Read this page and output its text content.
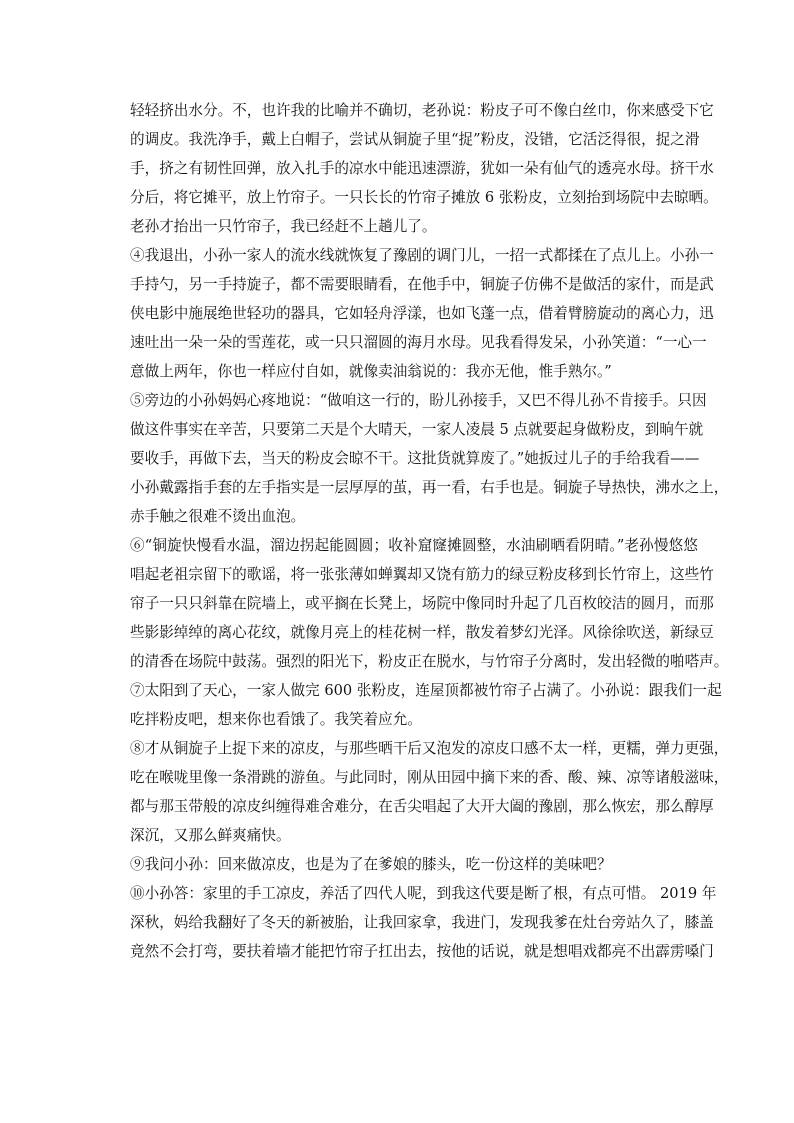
轻轻挤出水分。不，也许我的比喻并不确切，老孙说：粉皮子可不像白丝巾，你来感受下它
的调皮。我洗净手，戴上白帽子，尝试从铜旋子里“捉”粉皮，没错，它活泛得很，捉之滑
手，挤之有韧性回弹，放入扎手的凉水中能迅速漂游，犹如一朵有仙气的透亮水母。挤干水
分后，将它摊平，放上竹帘子。一只长长的竹帘子摊放 6 张粉皮，立刻抬到场院中去晾晒。
老孙才抬出一只竹帘子，我已经赶不上趟儿了。
④我退出，小孙一家人的流水线就恢复了豫剧的调门儿，一招一式都揉在了点儿上。小孙一
手持勺，另一手持旋子，都不需要眼睛看，在他手中，铜旋子仿佛不是做活的家什，而是武
侠电影中施展绝世轻功的器具，它如轻舟浮漾，也如飞蓬一点，借着臂膀旋动的离心力，迅
速吐出一朵一朵的雪莲花，或一只只溜圆的海月水母。见我看得发呆，小孙笑道：“一心一
意做上两年，你也一样应付自如，就像卖油翁说的：我亦无他，惟手熟尔。”
⑤旁边的小孙妈妈心疼地说：“做咱这一行的，盼儿孙接手，又巴不得儿孙不肯接手。只因
做这件事实在辛苦，只要第二天是个大晴天，一家人凌晨 5 点就要起身做粉皮，到晌午就
要收手，再做下去，当天的粉皮会晾不干。这批货就算废了。”她扳过儿子的手给我看——
小孙戴露指手套的左手指实是一层厚厚的茧，再一看，右手也是。铜旋子导热快，沸水之上，
赤手触之很难不烫出血泡。
⑥“铜旋快慢看水温，溜边拐起能圆圆；收补窟窿摊圆整，水油刷晒看阴晴。”老孙慢悠悠
唱起老祖宗留下的歌谣，将一张张薄如蝉翼却又饶有筋力的绿豆粉皮移到长竹帘上，这些竹
帘子一只只斜靠在院墙上，或平搁在长凳上，场院中像同时升起了几百枚皎洁的圆月，而那
些影影绰绰的离心花纹，就像月亮上的桂花树一样，散发着梦幻光泽。风徐徐吹送，新绿豆
的清香在场院中鼓荡。强烈的阳光下，粉皮正在脱水，与竹帘子分离时，发出轻微的啪嗒声。
⑦太阳到了天心，一家人做完 600 张粉皮，连屋顶都被竹帘子占满了。小孙说：跟我们一起
吃拌粉皮吧，想来你也看饿了。我笑着应允。
⑧才从铜旋子上捉下来的凉皮，与那些晒干后又泡发的凉皮口感不太一样，更糯，弹力更强，
吃在喉咙里像一条滑跳的游鱼。与此同时，刚从田园中摘下来的香、酸、辣、凉等诸般滋味，
都与那玉带般的凉皮纠缠得难舍难分，在舌尖唱起了大开大阖的豫剧，那么恢宏，那么醇厚
深沉，又那么鲜爽痛快。
⑨我问小孙：回来做凉皮，也是为了在爹娘的膝头，吃一份这样的美味吧？
⑩小孙答：家里的手工凉皮，养活了四代人呢，到我这代要是断了根，有点可惜。 2019 年
深秋，妈给我翻好了冬天的新被胎，让我回家拿，我进门，发现我爹在灶台旁站久了，膝盖
竟然不会打弯，要扶着墙才能把竹帘子扛出去，按他的话说，就是想唱戏都亮不出霹雳嗓门
